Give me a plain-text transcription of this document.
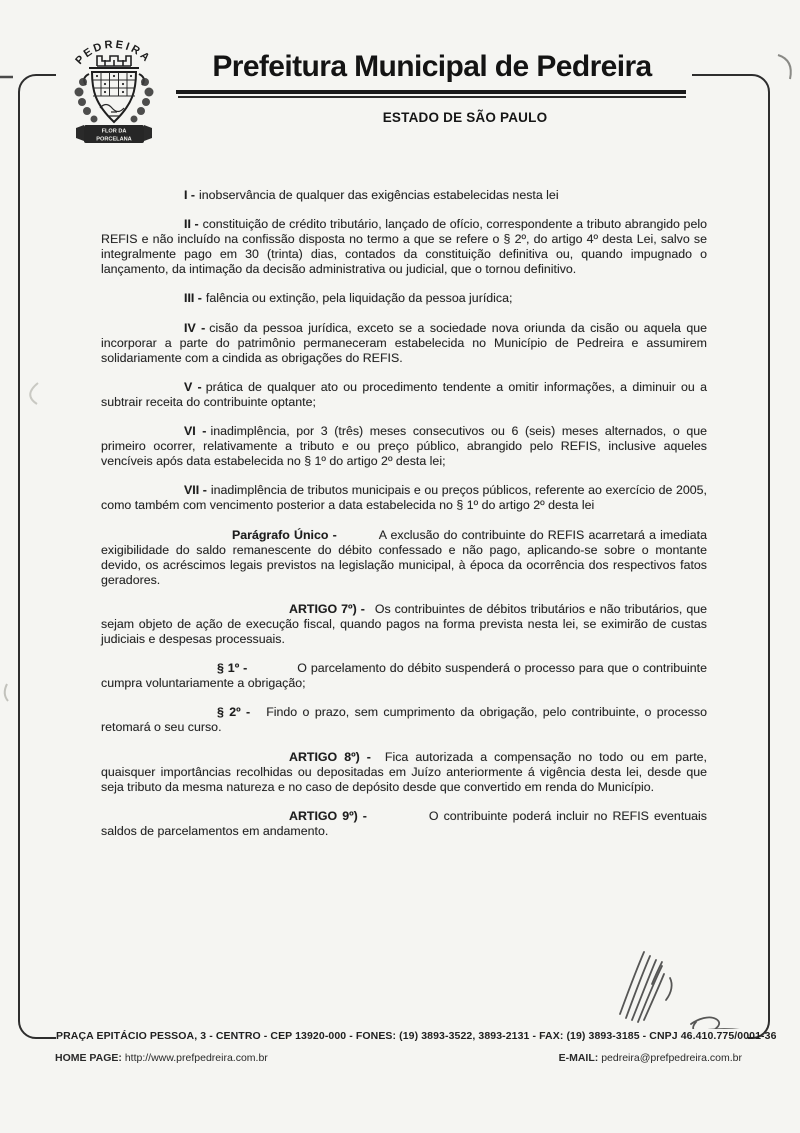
PEDREIRA
FLOR DA
PORCELANA
Prefeitura Municipal de Pedreira
ESTADO DE SÃO PAULO

I - inobservância de qualquer das exigências estabelecidas nesta lei

II - constituição de crédito tributário, lançado de ofício, correspondente a tributo abrangido pelo REFIS e não incluído na confissão disposta no termo a que se refere o § 2º, do artigo 4º desta Lei, salvo se integralmente pago em 30 (trinta) dias, contados da constituição definitiva ou, quando impugnado o lançamento, da intimação da decisão administrativa ou judicial, que o tornou definitivo.

III - falência ou extinção, pela liquidação da pessoa jurídica;

IV - cisão da pessoa jurídica, exceto se a sociedade nova oriunda da cisão ou aquela que incorporar a parte do patrimônio permaneceram estabelecida no Município de Pedreira e assumirem solidariamente com a cindida as obrigações do REFIS.

V - prática de qualquer ato ou procedimento tendente a omitir informações, a diminuir ou a subtrair receita do contribuinte optante;

VI - inadimplência, por 3 (três) meses consecutivos ou 6 (seis) meses alternados, o que primeiro ocorrer, relativamente a tributo e ou preço público, abrangido pelo REFIS, inclusive aqueles vencíveis após data estabelecida no § 1º do artigo 2º desta lei;

VII - inadimplência de tributos municipais e ou preços públicos, referente ao exercício de 2005, como também com vencimento posterior a data estabelecida no § 1º do artigo 2º desta lei

Parágrafo Único -	A exclusão do contribuinte do REFIS acarretará a imediata exigibilidade do saldo remanescente do débito confessado e não pago, aplicando-se sobre o montante devido, os acréscimos legais previstos na legislação municipal, à época da ocorrência dos respectivos fatos geradores.

ARTIGO 7º) - Os contribuintes de débitos tributários e não tributários, que sejam objeto de ação de execução fiscal, quando pagos na forma prevista nesta lei, se eximirão de custas judiciais e despesas processuais.

§ 1º -	O parcelamento do débito suspenderá o processo para que o contribuinte cumpra voluntariamente a obrigação;

§ 2º - Findo o prazo, sem cumprimento da obrigação, pelo contribuinte, o processo retomará o seu curso.

ARTIGO 8º) - Fica autorizada a compensação no todo ou em parte, quaisquer importâncias recolhidas ou depositadas em Juízo anteriormente á vigência desta lei, desde que seja tributo da mesma natureza e no caso de depósito desde que convertido em renda do Município.

ARTIGO 9º) -	O contribuinte poderá incluir no REFIS eventuais saldos de parcelamentos em andamento.

PRAÇA EPITÁCIO PESSOA, 3 - CENTRO - CEP 13920-000 - FONES: (19) 3893-3522, 3893-2131 - FAX: (19) 3893-3185 - CNPJ 46.410.775/0001-36
HOME PAGE: http://www.prefpedreira.com.br	E-MAIL: pedreira@prefpedreira.com.br
